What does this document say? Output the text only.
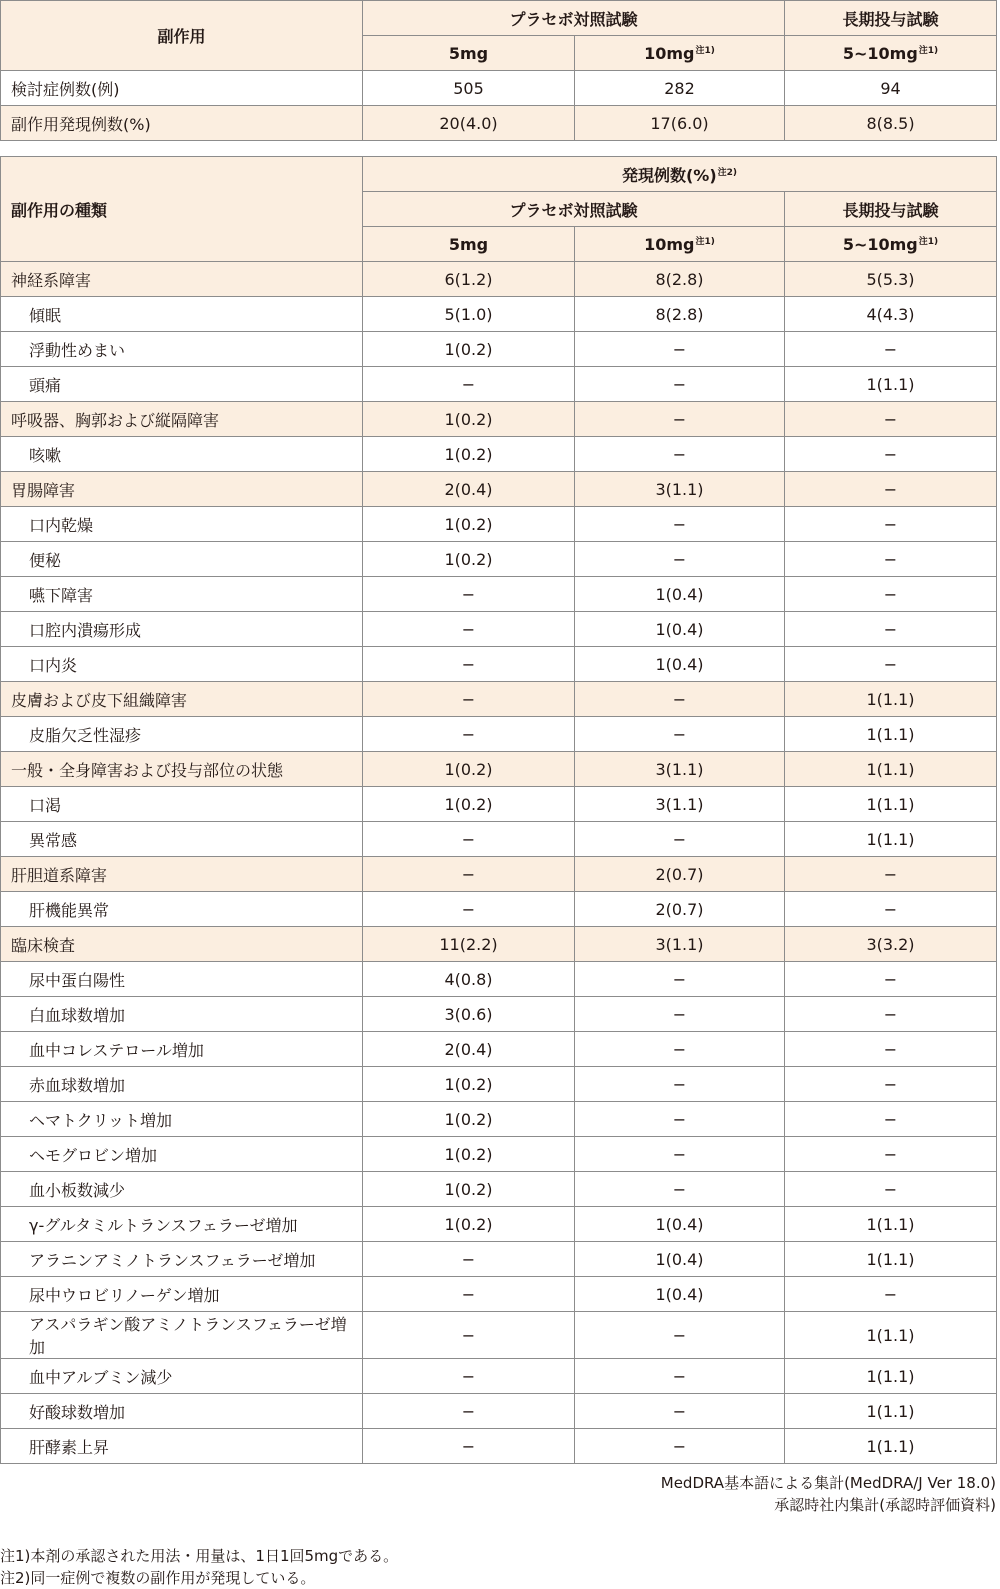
副作用	プラセボ対照試験		長期投与試験
	5mg	$10mg^{注1)}$	$5\sim 10mg^{注1)}$
検討症例数(例)	505	282	94
副作用発現例数(%)	20(4.0)	17(6.0)	8(8.5)
副作用の種類	発現例数(%)$^{注2)}$
	プラセボ対照試験		長期投与試験
	5mg	$10mg^{注1)}$	$5\sim 10mg^{注1)}$
神経系障害	6(1.2)	8(2.8)	5(5.3)
傾眠	5(1.0)	8(2.8)	4(4.3)
浮動性めまい	1(0.2)	−	−
頭痛	−	−	1(1.1)
呼吸器、胸郭および縦隔障害	1(0.2)	−	−
咳嗽	1(0.2)	−	−
胃腸障害	2(0.4)	3(1.1)	−
口内乾燥	1(0.2)	−	−
便秘	1(0.2)	−	−
嚥下障害	−	1(0.4)	−
口腔内潰瘍形成	−	1(0.4)	−
口内炎	−	1(0.4)	−
皮膚および皮下組織障害	−	−	1(1.1)
皮脂欠乏性湿疹	−	−	1(1.1)
一般・全身障害および投与部位の状態	1(0.2)	3(1.1)	1(1.1)
口渇	1(0.2)	3(1.1)	1(1.1)
異常感	−	−	1(1.1)
肝胆道系障害	−	2(0.7)	−
肝機能異常	−	2(0.7)	−
臨床検査	11(2.2)	3(1.1)	3(3.2)
尿中蛋白陽性	4(0.8)	−	−
白血球数増加	3(0.6)	−	−
血中コレステロール増加	2(0.4)	−	−
赤血球数増加	1(0.2)	−	−
ヘマトクリット増加	1(0.2)	−	−
ヘモグロビン増加	1(0.2)	−	−
血小板数減少	1(0.2)	−	−
γ-グルタミルトランスフェラーゼ増加	1(0.2)	1(0.4)	1(1.1)
アラニンアミノトランスフェラーゼ増加	−	1(0.4)	1(1.1)
尿中ウロビリノーゲン増加	−	1(0.4)	−
アスパラギン酸アミノトランスフェラーゼ増加	−	−	1(1.1)
血中アルブミン減少	−	−	1(1.1)
好酸球数増加	−	−	1(1.1)
肝酵素上昇	−	−	1(1.1)
MedDRA基本語による集計(MedDRA/J Ver 18.0)
承認時社内集計(承認時評価資料)
注1)本剤の承認された用法・用量は、1日1回5mgである。
注2)同一症例で複数の副作用が発現している。
